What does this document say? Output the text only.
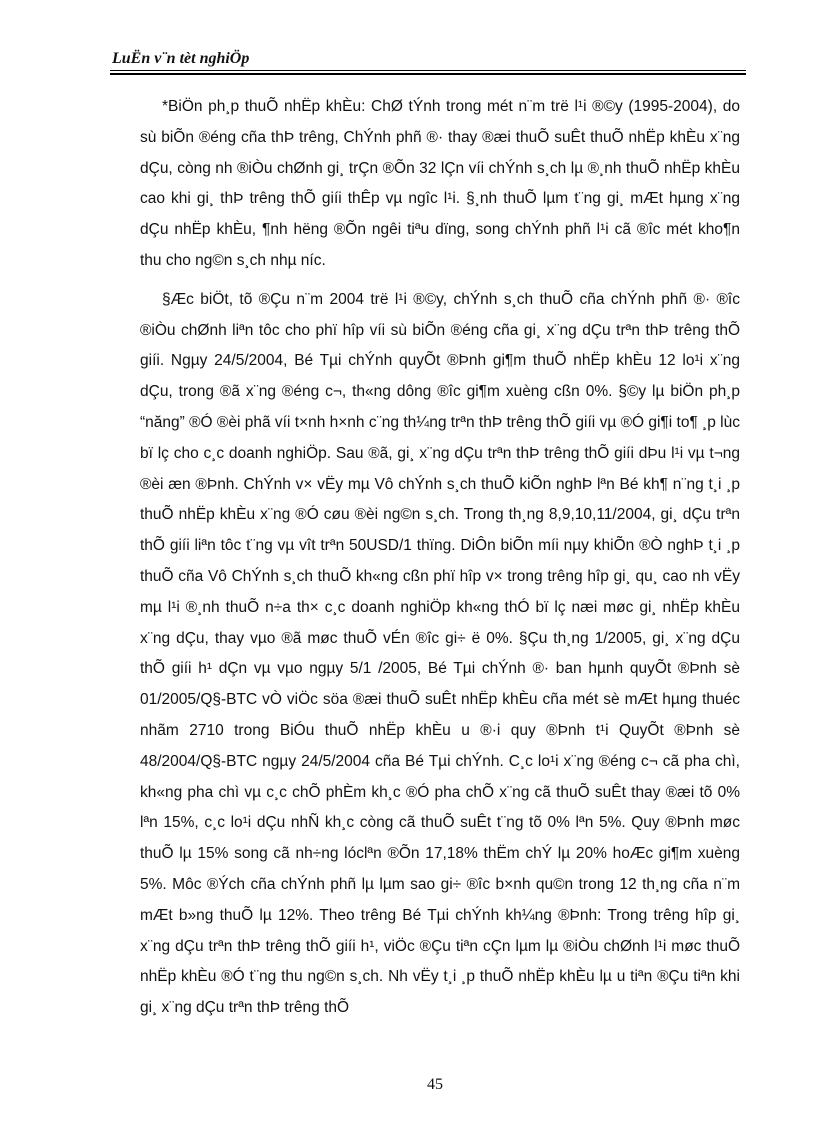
LuËn v¨n tèt nghiÖp

*BiÖn ph¸p thuÕ nhËp khÈu: ChØ tÝnh trong mét n¨m trë l¹i ®©y (1995-2004), do sù biÕn ®éng cña thÞ trêng, ChÝnh phñ ®· thay ®æi thuÕ suÊt thuÕ nhËp khÈu x¨ng dÇu, còng nh ®iÒu chØnh gi¸ trÇn ®Õn 32 lÇn víi chÝnh s¸ch lµ ®¸nh thuÕ nhËp khÈu cao khi gi¸ thÞ trêng thÕ giíi thÊp vµ ngîc l¹i. §¸nh thuÕ lµm t¨ng gi¸ mÆt hµng x¨ng dÇu nhËp khÈu, ¶nh hëng ®Õn ngêi tiªu dïng, song chÝnh phñ l¹i cã ®îc mét kho¶n thu cho ng©n s¸ch nhµ níc.

§Æc biÖt, tõ ®Çu n¨m 2004 trë l¹i ®©y, chÝnh s¸ch thuÕ cña chÝnh phñ ®· ®îc ®iÒu chØnh liªn tôc cho phï hîp víi sù biÕn ®éng cña gi¸ x¨ng dÇu trªn thÞ trêng thÕ giíi. Ngµy 24/5/2004, Bé Tµi chÝnh quyÕt ®Þnh gi¶m thuÕ nhËp khÈu 12 lo¹i x¨ng dÇu, trong ®ã x¨ng ®éng c¬, th«ng dông ®îc gi¶m xuèng cßn 0%. §©y lµ biÖn ph¸p “năng” ®Ó ®èi phã víi t×nh h×nh c¨ng th¼ng trªn thÞ trêng thÕ giíi vµ ®Ó gi¶i to¶ ¸p lùc bï lç cho c¸c doanh nghiÖp. Sau ®ã, gi¸ x¨ng dÇu trªn thÞ trêng thÕ giíi dÞu l¹i vµ t¬ng ®èi æn ®Þnh. ChÝnh v× vËy mµ Vô chÝnh s¸ch thuÕ kiÕn nghÞ lªn Bé kh¶ n¨ng t¸i ¸p thuÕ nhËp khÈu x¨ng ®Ó cøu ®èi ng©n s¸ch. Trong th¸ng 8,9,10,11/2004, gi¸ dÇu trªn thÕ giíi liªn tôc t¨ng vµ vît trªn 50USD/1 thïng. DiÔn biÕn míi nµy khiÕn ®Ò nghÞ t¸i ¸p thuÕ cña Vô ChÝnh s¸ch thuÕ kh«ng cßn phï hîp v× trong trêng hîp gi¸ qu¸ cao nh vËy mµ l¹i ®¸nh thuÕ n÷a th× c¸c doanh nghiÖp kh«ng thÓ bï lç næi møc gi¸ nhËp khÈu x¨ng dÇu, thay vµo ®ã møc thuÕ vÉn ®îc gi÷ ë 0%. §Çu th¸ng 1/2005, gi¸ x¨ng dÇu thÕ giíi h¹ dÇn vµ vµo ngµy 5/1 /2005, Bé Tµi chÝnh ®· ban hµnh quyÕt ®Þnh sè 01/2005/Q§-BTC vÒ viÖc söa ®æi thuÕ suÊt nhËp khÈu cña mét sè mÆt hµng thuéc nhãm 2710 trong BiÓu thuÕ nhËp khÈu u ®·i quy ®Þnh t¹i QuyÕt ®Þnh sè 48/2004/Q§-BTC ngµy 24/5/2004 cña Bé Tµi chÝnh. C¸c lo¹i x¨ng ®éng c¬ cã pha chì, kh«ng pha chì vµ c¸c chÕ phÈm kh¸c ®Ó pha chÕ x¨ng cã thuÕ suÊt thay ®æi tõ 0% lªn 15%, c¸c lo¹i dÇu nhÑ kh¸c còng cã thuÕ suÊt t¨ng tõ 0% lªn 5%. Quy ®Þnh møc thuÕ lµ 15% song cã nh÷ng lóclªn ®Õn 17,18% thËm chÝ lµ 20% hoÆc gi¶m xuèng 5%. Môc ®Ých cña chÝnh phñ lµ lµm sao gi÷ ®îc b×nh qu©n trong 12 th¸ng cña n¨m mÆt b»ng thuÕ lµ 12%. Theo trêng Bé Tµi chÝnh kh¼ng ®Þnh: Trong trêng hîp gi¸ x¨ng dÇu trªn thÞ trêng thÕ giíi h¹, viÖc ®Çu tiªn cÇn lµm lµ ®iÒu chØnh l¹i møc thuÕ nhËp khÈu ®Ó t¨ng thu ng©n s¸ch. Nh vËy t¸i ¸p thuÕ nhËp khÈu lµ u tiªn ®Çu tiªn khi gi¸ x¨ng dÇu trªn thÞ trêng thÕ

45
